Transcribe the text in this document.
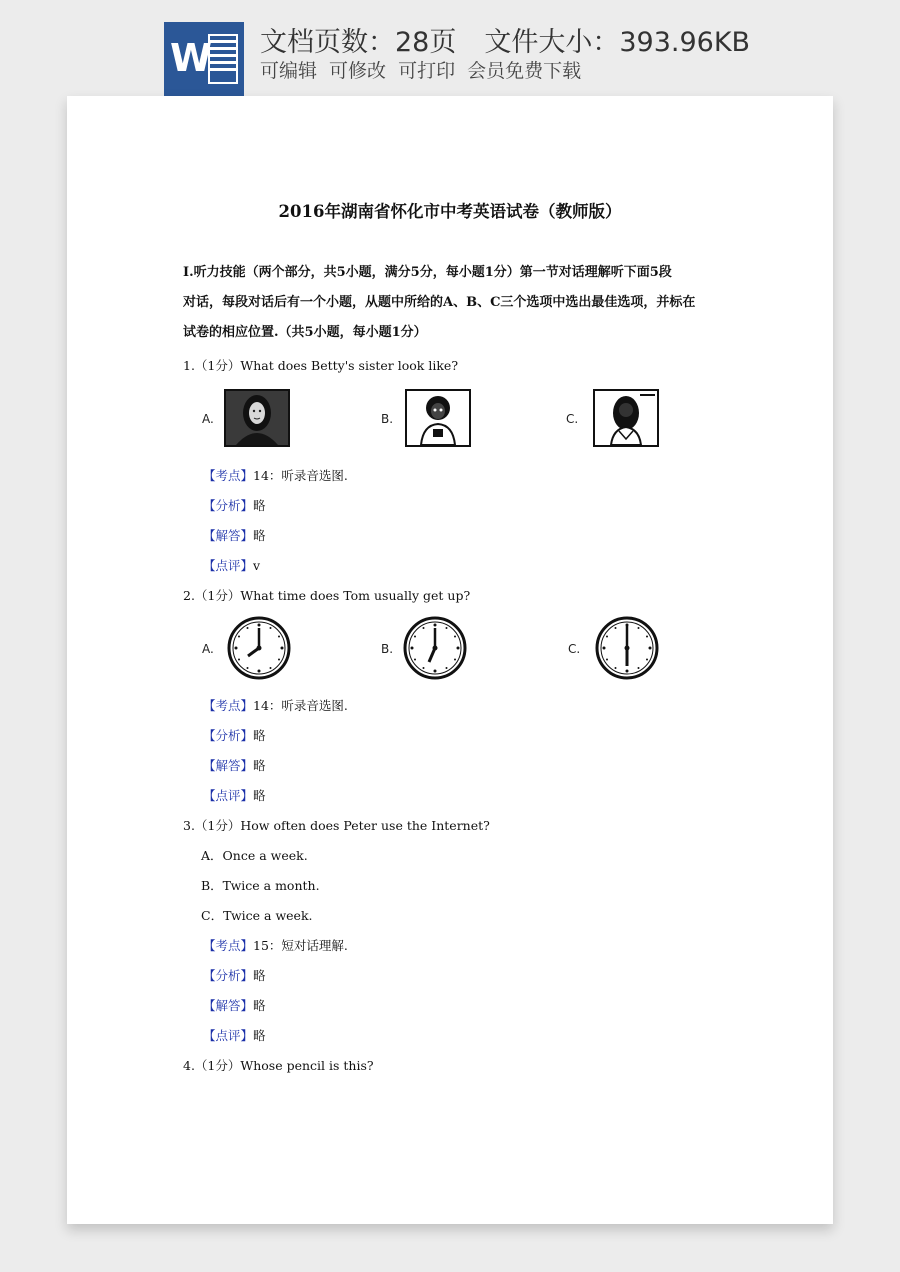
W 文档页数：28页 文件大小：393.96KB
可编辑 可修改 可打印 会员免费下载
2016年湖南省怀化市中考英语试卷（教师版）
Ⅰ.听力技能（两个部分，共5小题，满分5分，每小题1分）第一节对话理解听下面5段
对话，每段对话后有一个小题，从题中所给的A、B、C三个选项中选出最佳选项，并标在
试卷的相应位置.（共5小题，每小题1分）
1.（1分）What does Betty's sister look like?
A.	B.	C.
【考点】14：听录音选图.
【分析】略
【解答】略
【点评】v
2.（1分）What time does Tom usually get up?
A.	B.	C.
【考点】14：听录音选图.
【分析】略
【解答】略
【点评】略
3.（1分）How often does Peter use the Internet?
A．Once a week.
B．Twice a month.
C．Twice a week.
【考点】15：短对话理解.
【分析】略
【解答】略
【点评】略
4.（1分）Whose pencil is this?
